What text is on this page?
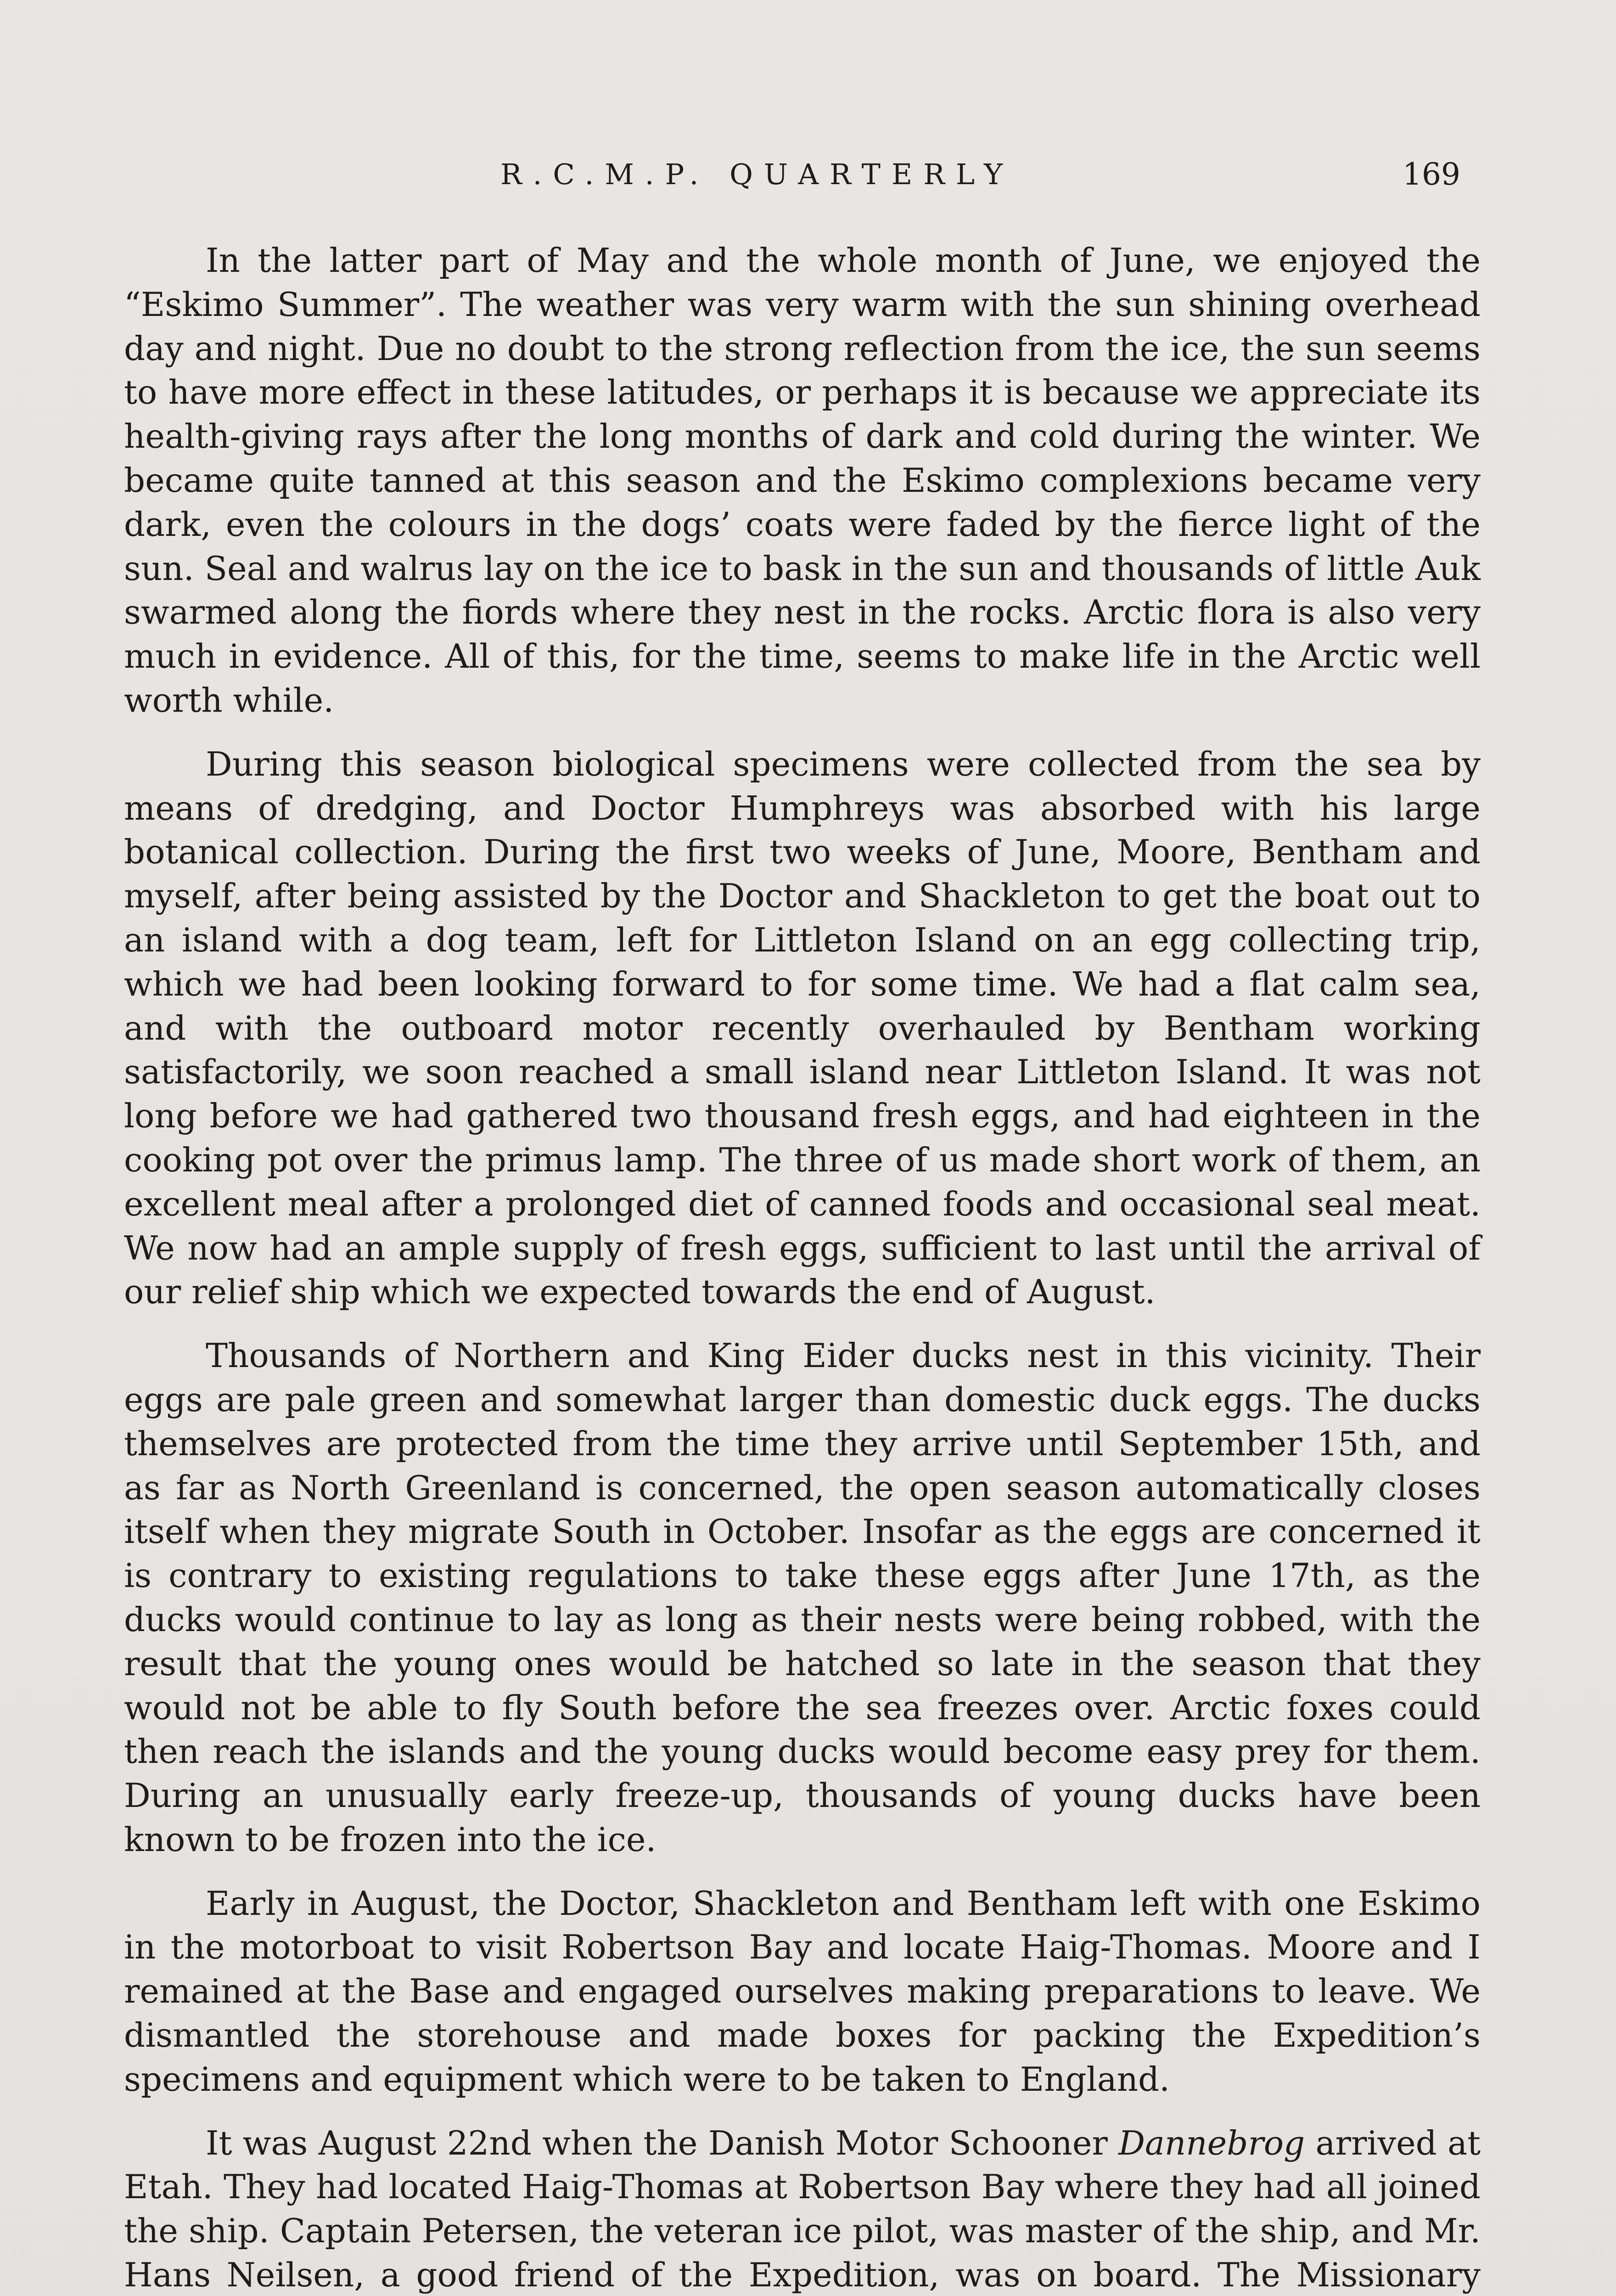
R.C.M.P. QUARTERLY	169

In the latter part of May and the whole month of June, we enjoyed the “Eskimo Summer”. The weather was very warm with the sun shining overhead day and night. Due no doubt to the strong reflection from the ice, the sun seems to have more effect in these latitudes, or perhaps it is because we appreciate its health-giving rays after the long months of dark and cold during the winter. We became quite tanned at this season and the Eskimo complexions became very dark, even the colours in the dogs’ coats were faded by the fierce light of the sun. Seal and walrus lay on the ice to bask in the sun and thousands of little Auk swarmed along the fiords where they nest in the rocks. Arctic flora is also very much in evidence. All of this, for the time, seems to make life in the Arctic well worth while.

During this season biological specimens were collected from the sea by means of dredging, and Doctor Humphreys was absorbed with his large botanical collection. During the first two weeks of June, Moore, Bentham and myself, after being assisted by the Doctor and Shackleton to get the boat out to an island with a dog team, left for Littleton Island on an egg collecting trip, which we had been looking forward to for some time. We had a flat calm sea, and with the outboard motor recently overhauled by Bentham working satisfactorily, we soon reached a small island near Littleton Island. It was not long before we had gathered two thousand fresh eggs, and had eighteen in the cooking pot over the primus lamp. The three of us made short work of them, an excellent meal after a prolonged diet of canned foods and occasional seal meat. We now had an ample supply of fresh eggs, sufficient to last until the arrival of our relief ship which we expected towards the end of August.

Thousands of Northern and King Eider ducks nest in this vicinity. Their eggs are pale green and somewhat larger than domestic duck eggs. The ducks themselves are protected from the time they arrive until September 15th, and as far as North Greenland is concerned, the open season automatically closes itself when they migrate South in October. Insofar as the eggs are concerned it is contrary to existing regulations to take these eggs after June 17th, as the ducks would continue to lay as long as their nests were being robbed, with the result that the young ones would be hatched so late in the season that they would not be able to fly South before the sea freezes over. Arctic foxes could then reach the islands and the young ducks would become easy prey for them. During an unusually early freeze-up, thousands of young ducks have been known to be frozen into the ice.

Early in August, the Doctor, Shackleton and Bentham left with one Eskimo in the motorboat to visit Robertson Bay and locate Haig-Thomas. Moore and I remained at the Base and engaged ourselves making preparations to leave. We dismantled the storehouse and made boxes for packing the Expedition’s specimens and equipment which were to be taken to England.

It was August 22nd when the Danish Motor Schooner Dannebrog arrived at Etah. They had located Haig-Thomas at Robertson Bay where they had all joined the ship. Captain Petersen, the veteran ice pilot, was master of the ship, and Mr. Hans Neilsen, a good friend of the Expedition, was on board. The Missionary
